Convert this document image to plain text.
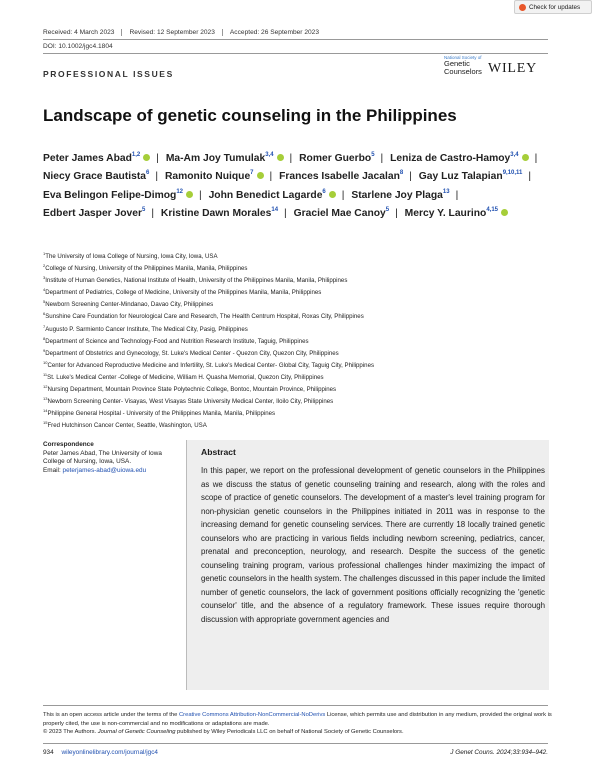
Check for updates
Received: 4 March 2023	Revised: 12 September 2023	Accepted: 26 September 2023
DOI: 10.1002/jgc4.1804
PROFESSIONAL ISSUES
National Society of
Genetic
Counselors WILEY
Landscape of genetic counseling in the Philippines
Peter James Abad$^{1,2}$ | Ma-Am Joy Tumulak$^{3,4}$ | Romer Guerbo$^5$ | Leniza de Castro-Hamoy$^{3,4}$ | Niecy Grace Bautista$^6$ | Ramonito Nuique$^7$ | Frances Isabelle Jacalan$^8$ | Gay Luz Talapian$^{9,10,11}$ | Eva Belingon Felipe-Dimog$^{12}$ | John Benedict Lagarde$^6$ | Starlene Joy Plaga$^{13}$ | Edbert Jasper Jover$^5$ | Kristine Dawn Morales$^{14}$ | Graciel Mae Canoy$^5$ | Mercy Y. Laurino$^{4,15}$
$^1$The University of Iowa College of Nursing, Iowa City, Iowa, USA
$^2$College of Nursing, University of the Philippines Manila, Manila, Philippines
$^3$Institute of Human Genetics, National Institute of Health, University of the Philippines Manila, Manila, Philippines
$^4$Department of Pediatrics, College of Medicine, University of the Philippines Manila, Manila, Philippines
$^5$Newborn Screening Center-Mindanao, Davao City, Philippines
$^6$Sunshine Care Foundation for Neurological Care and Research, The Health Centrum Hospital, Roxas City, Philippines
$^7$Augusto P. Sarmiento Cancer Institute, The Medical City, Pasig, Philippines
$^8$Department of Science and Technology-Food and Nutrition Research Institute, Taguig, Philippines
$^9$Department of Obstetrics and Gynecology, St. Luke's Medical Center - Quezon City, Quezon City, Philippines
$^{10}$Center for Advanced Reproductive Medicine and Infertility, St. Luke's Medical Center- Global City, Taguig City, Philippines
$^{11}$St. Luke's Medical Center -College of Medicine, William H. Quasha Memorial, Quezon City, Philippines
$^{12}$Nursing Department, Mountain Province State Polytechnic College, Bontoc, Mountain Province, Philippines
$^{13}$Newborn Screening Center- Visayas, West Visayas State University Medical Center, Iloilo City, Philippines
$^{14}$Philippine General Hospital - University of the Philippines Manila, Manila, Philippines
$^{15}$Fred Hutchinson Cancer Center, Seattle, Washington, USA
Correspondence
Peter James Abad, The University of Iowa College of Nursing, Iowa, USA.
Email: peterjames-abad@uiowa.edu
Abstract

In this paper, we report on the professional development of genetic counselors in the Philippines as we discuss the status of genetic counseling training and research, along with the roles and scope of practice of genetic counselors. The development of a master's level training program for non-physician genetic counselors in the Philippines initiated in 2011 was in response to the increasing demand for genetic counseling services. There are currently 18 locally trained genetic counselors who are practicing in various fields including newborn screening, pediatrics, cancer, prenatal and preconception, neurology, and research. Despite the success of the genetic counseling training program, various professional challenges hinder maximizing the impact of genetic counselors in the health system. The challenges discussed in this paper include the limited number of genetic counselors, the lack of government positions officially recognizing the 'genetic counselor' title, and the absence of a regulatory framework. These issues require thorough discussion with appropriate government agencies and

This is an open access article under the terms of the Creative Commons Attribution-NonCommercial-NoDerivs License, which permits use and distribution in any medium, provided the original work is properly cited, the use is non-commercial and no modifications or adaptations are made.
© 2023 The Authors. Journal of Genetic Counseling published by Wiley Periodicals LLC on behalf of National Society of Genetic Counselors.
934 wileyonlinelibrary.com/journal/jgc4	J Genet Couns. 2024;33:934–942.
